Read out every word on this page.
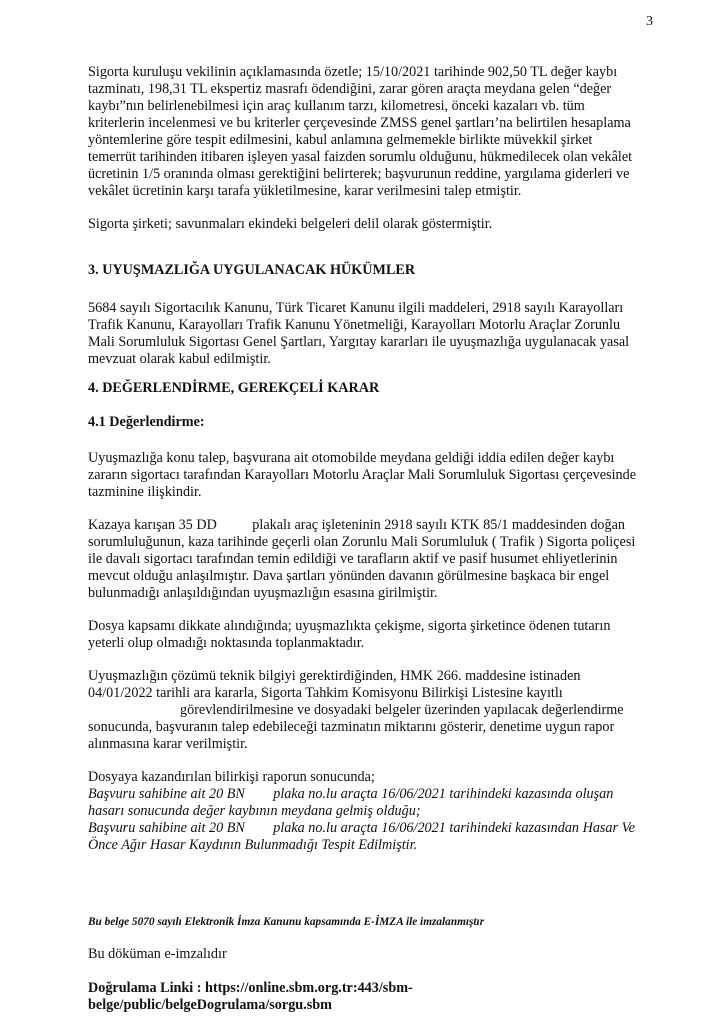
3
Sigorta kuruluşu vekilinin açıklamasında özetle; 15/10/2021 tarihinde 902,50 TL değer kaybı
tazminatı, 198,31 TL ekspertiz masrafı ödendiğini, zarar gören araçta meydana gelen “değer
kaybı”nın belirlenebilmesi için araç kullanım tarzı, kilometresi, önceki kazaları vb. tüm
kriterlerin incelenmesi ve bu kriterler çerçevesinde ZMSS genel şartları’na belirtilen hesaplama
yöntemlerine göre tespit edilmesini, kabul anlamına gelmemekle birlikte müvekkil şirket
temerrüt tarihinden itibaren işleyen yasal faizden sorumlu olduğunu, hükmedilecek olan vekâlet
ücretinin 1/5 oranında olması gerektiğini belirterek; başvurunun reddine, yargılama giderleri ve
vekâlet ücretinin karşı tarafa yükletilmesine, karar verilmesini talep etmiştir.
Sigorta şirketi; savunmaları ekindeki belgeleri delil olarak göstermiştir.
3. UYUŞMAZLIĞA UYGULANACAK HÜKÜMLER
5684 sayılı Sigortacılık Kanunu, Türk Ticaret Kanunu ilgili maddeleri, 2918 sayılı Karayolları
Trafik Kanunu, Karayolları Trafik Kanunu Yönetmeliği, Karayolları Motorlu Araçlar Zorunlu
Mali Sorumluluk Sigortası Genel Şartları, Yargıtay kararları ile uyuşmazlığa uygulanacak yasal
mevzuat olarak kabul edilmiştir.
4. DEĞERLENDİRME, GEREKÇELİ KARAR
4.1 Değerlendirme:
Uyuşmazlığa konu talep, başvurana ait otomobilde meydana geldiği iddia edilen değer kaybı
zararın sigortacı tarafından Karayolları Motorlu Araçlar Mali Sorumluluk Sigortası çerçevesinde
tazminine ilişkindir.
Kazaya karışan 35 DD          plakalı araç işleteninin 2918 sayılı KTK 85/1 maddesinden doğan
sorumluluğunun, kaza tarihinde geçerli olan Zorunlu Mali Sorumluluk ( Trafik ) Sigorta poliçesi
ile davalı sigortacı tarafından temin edildiği ve tarafların aktif ve pasif husumet ehliyetlerinin
mevcut olduğu anlaşılmıştır. Dava şartları yönünden davanın görülmesine başkaca bir engel
bulunmadığı anlaşıldığından uyuşmazlığın esasına girilmiştir.
Dosya kapsamı dikkate alındığında; uyuşmazlıkta çekişme, sigorta şirketince ödenen tutarın
yeterli olup olmadığı noktasında toplanmaktadır.
Uyuşmazlığın çözümü teknik bilgiyi gerektirdiğinden, HMK 266. maddesine istinaden
04/01/2022 tarihli ara kararla, Sigorta Tahkim Komisyonu Bilirkişi Listesine kayıtlı
görevlendirilmesine ve dosyadaki belgeler üzerinden yapılacak değerlendirme
sonucunda, başvuranın talep edebileceği tazminatın miktarını gösterir, denetime uygun rapor
alınmasına karar verilmiştir.
Dosyaya kazandırılan bilirkişi raporun sonucunda;
Başvuru sahibine ait 20 BN        plaka no.lu araçta 16/06/2021 tarihindeki kazasında oluşan
hasarı sonucunda değer kaybının meydana gelmiş olduğu;
Başvuru sahibine ait 20 BN        plaka no.lu araçta 16/06/2021 tarihindeki kazasından Hasar Ve
Önce Ağır Hasar Kaydının Bulunmadığı Tespit Edilmiştir.
Bu belge 5070 sayılı Elektronik İmza Kanunu kapsamında E-İMZA ile imzalanmıştır
Bu döküman e-imzalıdır
Doğrulama Linki : https://online.sbm.org.tr:443/sbm-
belge/public/belgeDogrulama/sorgu.sbm
